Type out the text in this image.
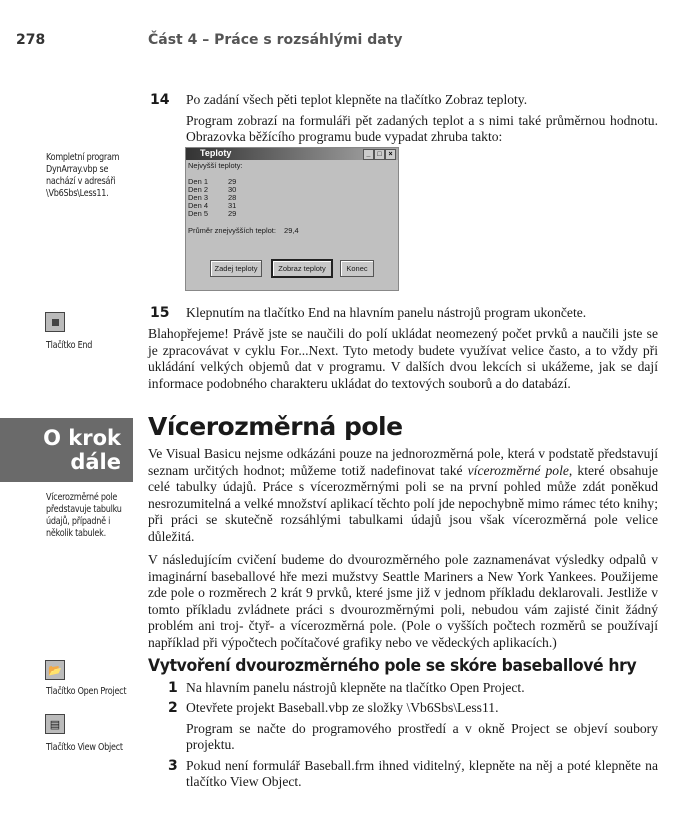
278	Část 4 – Práce s rozsáhlými daty
14 Po zadání všech pěti teplot klepněte na tlačítko Zobraz teploty.

Program zobrazí na formuláři pět zadaných teplot a s nimi také průměrnou hodnotu. Obrazovka běžícího programu bude vypadat zhruba takto:

Teploty	_ □ ×
Nejvyšší teploty:
Den 1	29
Den 2	30
Den 3	28
Den 4	31
Den 5	29
Průměr znejvyšších teplot: 29,4
Zadej teploty	Zobraz teploty	Konec
Kompletní program DynArray.vbp se nachází v adresáři \Vb6Sbs\Less11.
Tlačítko End
15 Klepnutím na tlačítko End na hlavním panelu nástrojů program ukončete.
Blahopřejeme! Právě jste se naučili do polí ukládat neomezený počet prvků a naučili jste se je zpracovávat v cyklu For...Next. Tyto metody budete využívat velice často, a to vždy při ukládání velkých objemů dat v programu. V dalších dvou lekcích si ukážeme, jak se dají informace podobného charakteru ukládat do textových souborů a do databází.
O krok
dále
Vícerozměrné pole představuje tabulku údajů, případně i několik tabulek.
Vícerozměrná pole

Ve Visual Basicu nejsme odkázáni pouze na jednorozměrná pole, která v podstatě představují seznam určitých hodnot; můžeme totiž nadefinovat také vícerozměrné pole, které obsahuje celé tabulky údajů. Práce s vícerozměrnými poli se na první pohled může zdát poněkud nesrozumitelná a velké množství aplikací těchto polí jde nepochybně mimo rámec této knihy; při práci se skutečně rozsáhlými tabulkami údajů jsou však vícerozměrná pole velice důležitá.

V následujícím cvičení budeme do dvourozměrného pole zaznamenávat výsledky odpalů v imaginární baseballové hře mezi mužstvy Seattle Mariners a New York Yankees. Použijeme zde pole o rozměrech 2 krát 9 prvků, které jsme již v jednom příkladu deklarovali. Jestliže v tomto příkladu zvládnete práci s dvourozměrnými poli, nebudou vám zajisté činit žádný problém ani troj- čtyř- a vícerozměrná pole. (Pole o vyšších počtech rozměrů se používají například při výpočtech počítačové grafiky nebo ve vědeckých aplikacích.)

Vytvoření dvourozměrného pole se skóre baseballové hry
1 Na hlavním panelu nástrojů klepněte na tlačítko Open Project.
2 Otevřete projekt Baseball.vbp ze složky \Vb6Sbs\Less11.
Program se načte do programového prostředí a v okně Project se objeví soubory projektu.
3 Pokud není formulář Baseball.frm ihned viditelný, klepněte na něj a poté klepněte na tlačítko View Object.
📂
Tlačítko Open Project
▤
Tlačítko View Object
